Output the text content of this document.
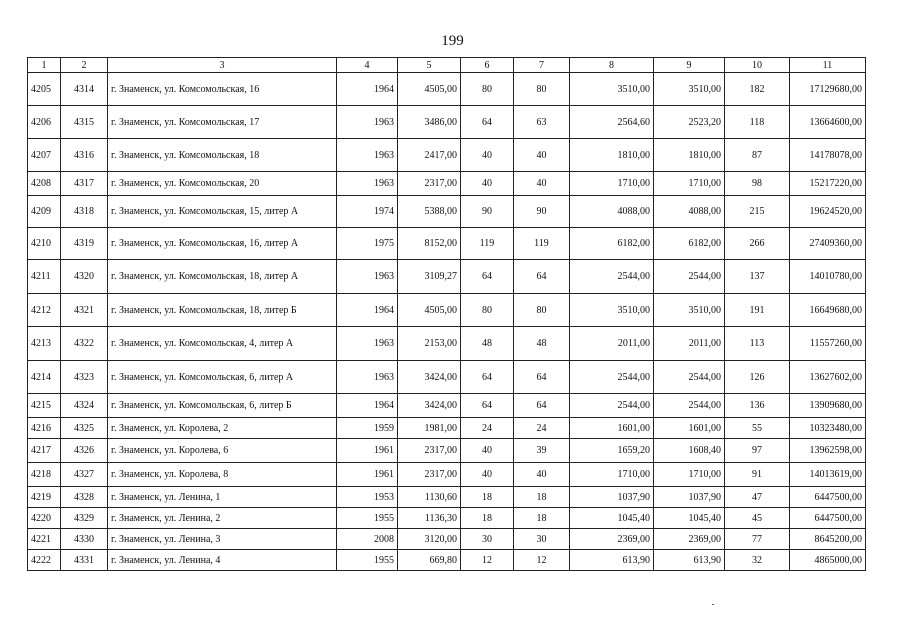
199
1	2	3	4	5	6	7	8	9	10	11
4205	4314	г. Знаменск, ул. Комсомольская, 16	1964	4505,00	80	80	3510,00	3510,00	182	17129680,00
4206	4315	г. Знаменск, ул. Комсомольская, 17	1963	3486,00	64	63	2564,60	2523,20	118	13664600,00
4207	4316	г. Знаменск, ул. Комсомольская, 18	1963	2417,00	40	40	1810,00	1810,00	87	14178078,00
4208	4317	г. Знаменск, ул. Комсомольская, 20	1963	2317,00	40	40	1710,00	1710,00	98	15217220,00
4209	4318	г. Знаменск, ул. Комсомольская, 15, литер А	1974	5388,00	90	90	4088,00	4088,00	215	19624520,00
4210	4319	г. Знаменск, ул. Комсомольская, 16, литер А	1975	8152,00	119	119	6182,00	6182,00	266	27409360,00
4211	4320	г. Знаменск, ул. Комсомольская, 18, литер А	1963	3109,27	64	64	2544,00	2544,00	137	14010780,00
4212	4321	г. Знаменск, ул. Комсомольская, 18, литер Б	1964	4505,00	80	80	3510,00	3510,00	191	16649680,00
4213	4322	г. Знаменск, ул. Комсомольская, 4, литер А	1963	2153,00	48	48	2011,00	2011,00	113	11557260,00
4214	4323	г. Знаменск, ул. Комсомольская, 6, литер А	1963	3424,00	64	64	2544,00	2544,00	126	13627602,00
4215	4324	г. Знаменск, ул. Комсомольская, 6, литер Б	1964	3424,00	64	64	2544,00	2544,00	136	13909680,00
4216	4325	г. Знаменск, ул. Королева, 2	1959	1981,00	24	24	1601,00	1601,00	55	10323480,00
4217	4326	г. Знаменск, ул. Королева, 6	1961	2317,00	40	39	1659,20	1608,40	97	13962598,00
4218	4327	г. Знаменск, ул. Королева, 8	1961	2317,00	40	40	1710,00	1710,00	91	14013619,00
4219	4328	г. Знаменск, ул. Ленина, 1	1953	1130,60	18	18	1037,90	1037,90	47	6447500,00
4220	4329	г. Знаменск, ул. Ленина, 2	1955	1136,30	18	18	1045,40	1045,40	45	6447500,00
4221	4330	г. Знаменск, ул. Ленина, 3	2008	3120,00	30	30	2369,00	2369,00	77	8645200,00
4222	4331	г. Знаменск, ул. Ленина, 4	1955	669,80	12	12	613,90	613,90	32	4865000,00
